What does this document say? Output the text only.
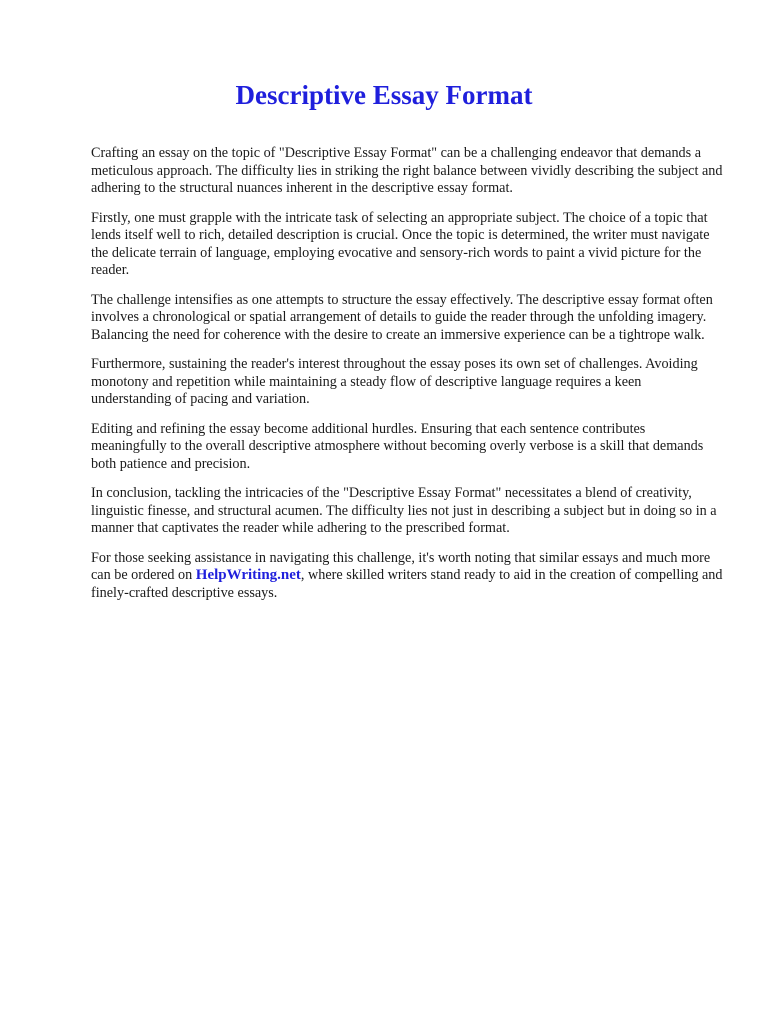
Descriptive Essay Format

Crafting an essay on the topic of "Descriptive Essay Format" can be a challenging endeavor that demands a meticulous approach. The difficulty lies in striking the right balance between vividly describing the subject and adhering to the structural nuances inherent in the descriptive essay format.

Firstly, one must grapple with the intricate task of selecting an appropriate subject. The choice of a topic that lends itself well to rich, detailed description is crucial. Once the topic is determined, the writer must navigate the delicate terrain of language, employing evocative and sensory-rich words to paint a vivid picture for the reader.

The challenge intensifies as one attempts to structure the essay effectively. The descriptive essay format often involves a chronological or spatial arrangement of details to guide the reader through the unfolding imagery. Balancing the need for coherence with the desire to create an immersive experience can be a tightrope walk.

Furthermore, sustaining the reader's interest throughout the essay poses its own set of challenges. Avoiding monotony and repetition while maintaining a steady flow of descriptive language requires a keen understanding of pacing and variation.

Editing and refining the essay become additional hurdles. Ensuring that each sentence contributes meaningfully to the overall descriptive atmosphere without becoming overly verbose is a skill that demands both patience and precision.

In conclusion, tackling the intricacies of the "Descriptive Essay Format" necessitates a blend of creativity, linguistic finesse, and structural acumen. The difficulty lies not just in describing a subject but in doing so in a manner that captivates the reader while adhering to the prescribed format.

For those seeking assistance in navigating this challenge, it's worth noting that similar essays and much more can be ordered on HelpWriting.net, where skilled writers stand ready to aid in the creation of compelling and finely-crafted descriptive essays.
